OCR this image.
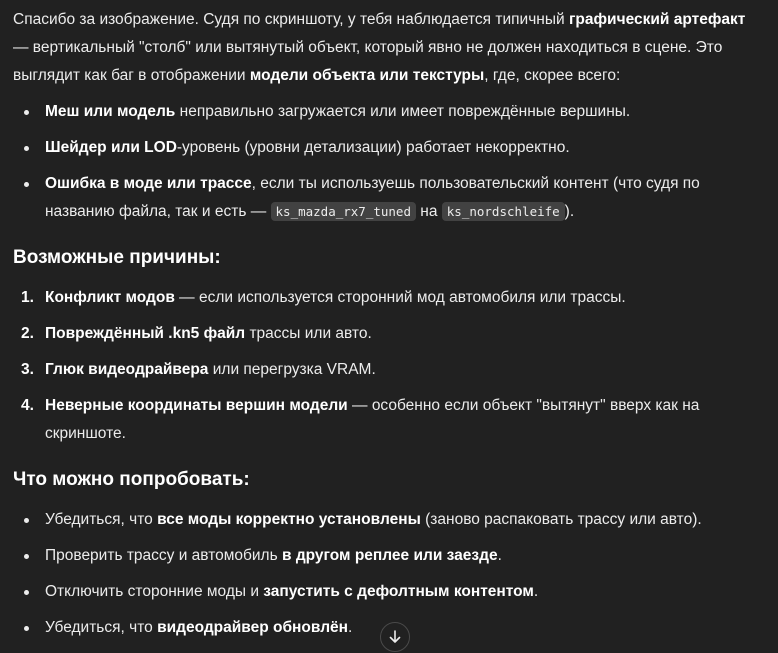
Спасибо за изображение. Судя по скриншоту, у тебя наблюдается типичный графический артефакт — вертикальный "столб" или вытянутый объект, который явно не должен находиться в сцене. Это выглядит как баг в отображении модели объекта или текстуры, где, скорее всего:

Меш или модель неправильно загружается или имеет повреждённые вершины.
Шейдер или LOD-уровень (уровни детализации) работает некорректно.
Ошибка в моде или трассе, если ты используешь пользовательский контент (что судя по названию файла, так и есть — ks_mazda_rx7_tuned на ks_nordschleife ).
Возможные причины:
1. Конфликт модов — если используется сторонний мод автомобиля или трассы.
2. Повреждённый .kn5 файл трассы или авто.
3. Глюк видеодрайвера или перегрузка VRAM.
4. Неверные координаты вершин модели — особенно если объект "вытянут" вверх как на скриншоте.
Что можно попробовать:
Убедиться, что все моды корректно установлены (заново распаковать трассу или авто).
Проверить трассу и автомобиль в другом реплее или заезде.
Отключить сторонние моды и запустить с дефолтным контентом.
Убедиться, что видеодрайвер обновлён.
